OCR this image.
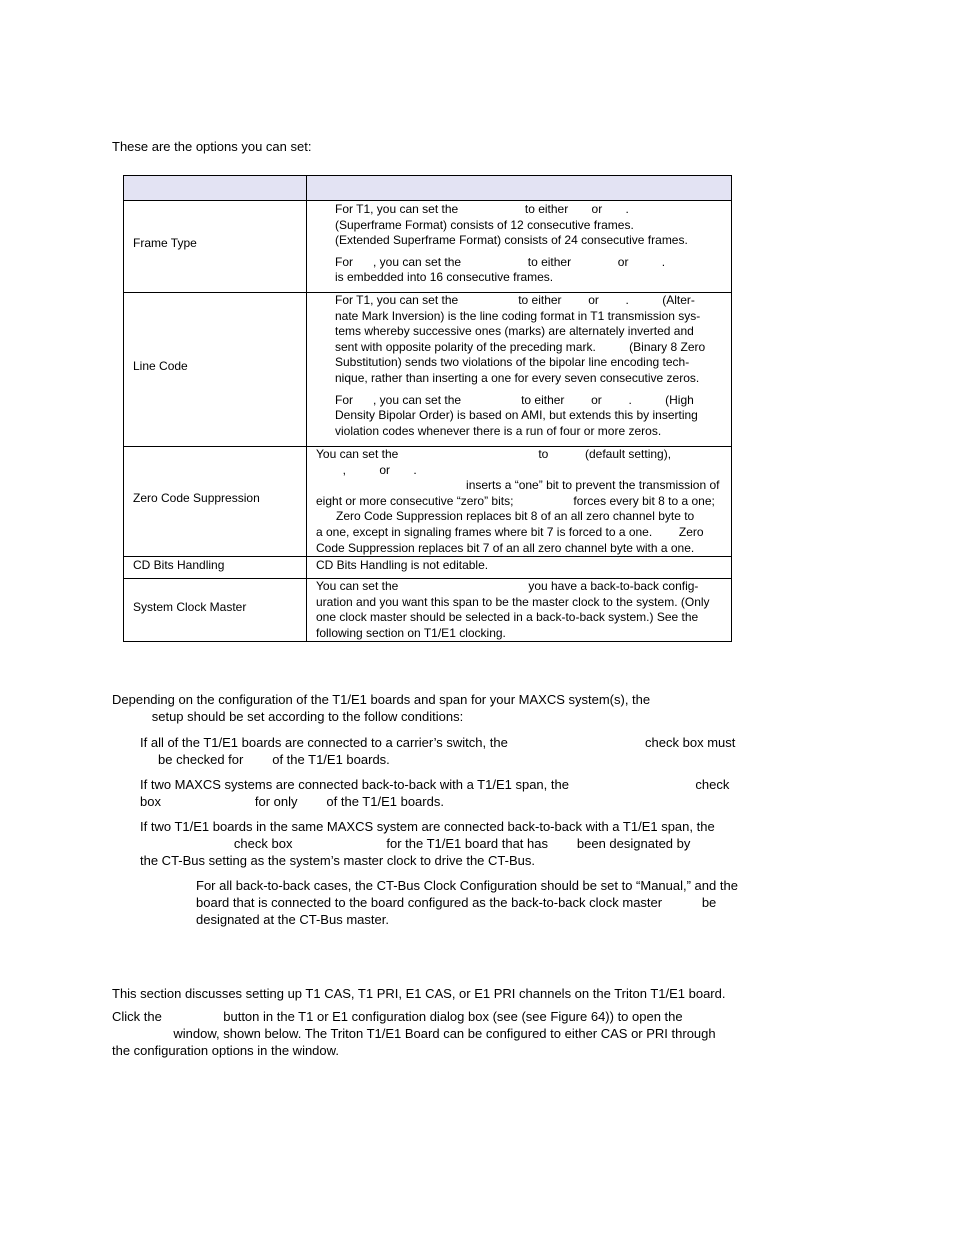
These are the options you can set:
Frame Type
For T1, you can set the                    to either       or       .
(Superframe Format) consists of 12 consecutive frames.
(Extended Superframe Format) consists of 24 consecutive frames.
For      , you can set the                    to either              or          .
is embedded into 16 consecutive frames.
Line Code
For T1, you can set the                  to either        or        .          (Alter-
nate Mark Inversion) is the line coding format in T1 transmission sys-
tems whereby successive ones (marks) are alternately inverted and
sent with opposite polarity of the preceding mark.          (Binary 8 Zero
Substitution) sends two violations of the bipolar line encoding tech-
nique, rather than inserting a one for every seven consecutive zeros.
For      , you can set the                  to either        or        .          (High
Density Bipolar Order) is based on AMI, but extends this by inserting
violation codes whenever there is a run of four or more zeros.
Zero Code Suppression
You can set the                                          to           (default setting),
,          or       .
inserts a “one” bit to prevent the transmission of
eight or more consecutive “zero” bits;                  forces every bit 8 to a one;
Zero Code Suppression replaces bit 8 of an all zero channel byte to
a one, except in signaling frames where bit 7 is forced to a one.        Zero
Code Suppression replaces bit 7 of an all zero channel byte with a one.
CD Bits Handling	CD Bits Handling is not editable.
System Clock Master
You can set the                                       you have a back-to-back config-
uration and you want this span to be the master clock to the system. (Only
one clock master should be selected in a back-to-back system.) See the
following section on T1/E1 clocking.
Depending on the configuration of the T1/E1 boards and span for your MAXCS system(s), the
setup should be set according to the follow conditions:
If all of the T1/E1 boards are connected to a carrier’s switch, the                                      check box must
be checked for        of the T1/E1 boards.
If two MAXCS systems are connected back-to-back with a T1/E1 span, the                                   check
box                          for only        of the T1/E1 boards.
If two T1/E1 boards in the same MAXCS system are connected back-to-back with a T1/E1 span, the
check box                          for the T1/E1 board that has        been designated by
the CT-Bus setting as the system’s master clock to drive the CT-Bus.
For all back-to-back cases, the CT-Bus Clock Configuration should be set to “Manual,” and the
board that is connected to the board configured as the back-to-back clock master           be
designated at the CT-Bus master.
This section discusses setting up T1 CAS, T1 PRI, E1 CAS, or E1 PRI channels on the Triton T1/E1 board.
Click the                 button in the T1 or E1 configuration dialog box (see (see Figure 64)) to open the
window, shown below. The Triton T1/E1 Board can be configured to either CAS or PRI through
the configuration options in the window.
